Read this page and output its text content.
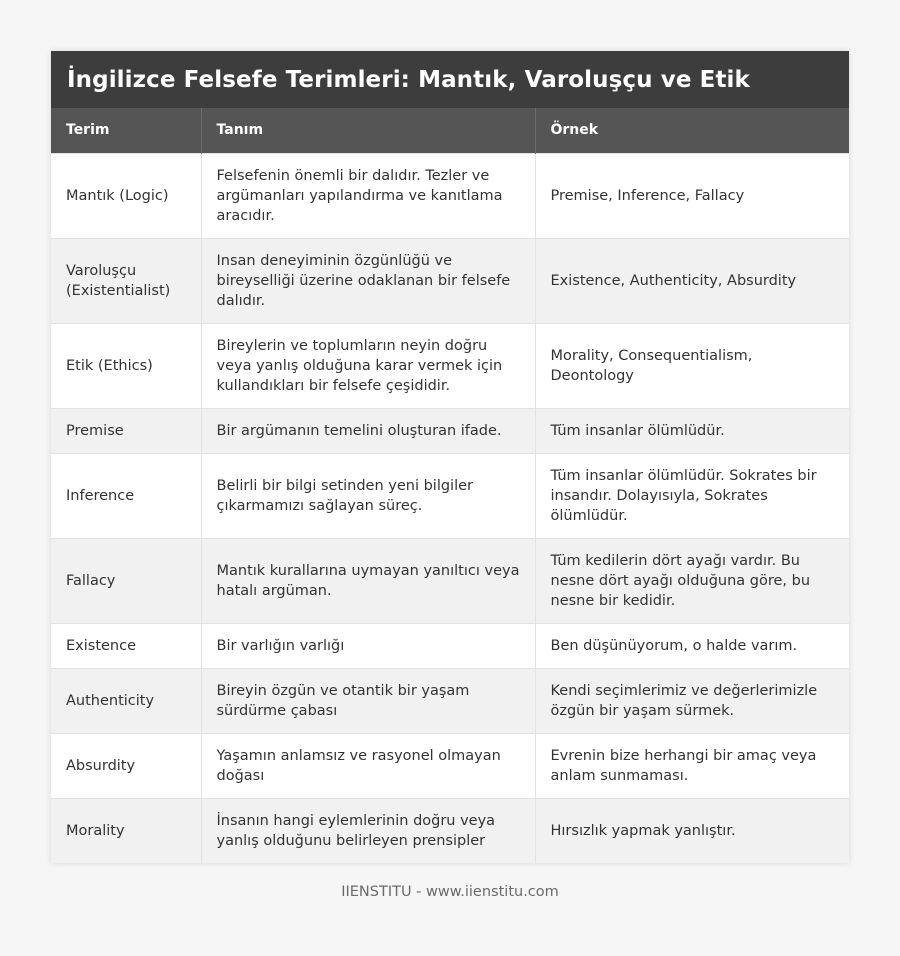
İngilizce Felsefe Terimleri: Mantık, Varoluşçu ve Etik
Terim	Tanım	Örnek
Mantık (Logic)	Felsefenin önemli bir dalıdır. Tezler ve argümanları yapılandırma ve kanıtlama aracıdır.	Premise, Inference, Fallacy
Varoluşçu (Existentialist)	Insan deneyiminin özgünlüğü ve bireyselliği üzerine odaklanan bir felsefe dalıdır.	Existence, Authenticity, Absurdity
Etik (Ethics)	Bireylerin ve toplumların neyin doğru veya yanlış olduğuna karar vermek için kullandıkları bir felsefe çeşididir.	Morality, Consequentialism, Deontology
Premise	Bir argümanın temelini oluşturan ifade.	Tüm insanlar ölümlüdür.
Inference	Belirli bir bilgi setinden yeni bilgiler çıkarmamızı sağlayan süreç.	Tüm insanlar ölümlüdür. Sokrates bir insandır. Dolayısıyla, Sokrates ölümlüdür.
Fallacy	Mantık kurallarına uymayan yanıltıcı veya hatalı argüman.	Tüm kedilerin dört ayağı vardır. Bu nesne dört ayağı olduğuna göre, bu nesne bir kedidir.
Existence	Bir varlığın varlığı	Ben düşünüyorum, o halde varım.
Authenticity	Bireyin özgün ve otantik bir yaşam sürdürme çabası	Kendi seçimlerimiz ve değerlerimizle özgün bir yaşam sürmek.
Absurdity	Yaşamın anlamsız ve rasyonel olmayan doğası	Evrenin bize herhangi bir amaç veya anlam sunmaması.
Morality	İnsanın hangi eylemlerinin doğru veya yanlış olduğunu belirleyen prensipler	Hırsızlık yapmak yanlıştır.
IIENSTITU - www.iienstitu.com
